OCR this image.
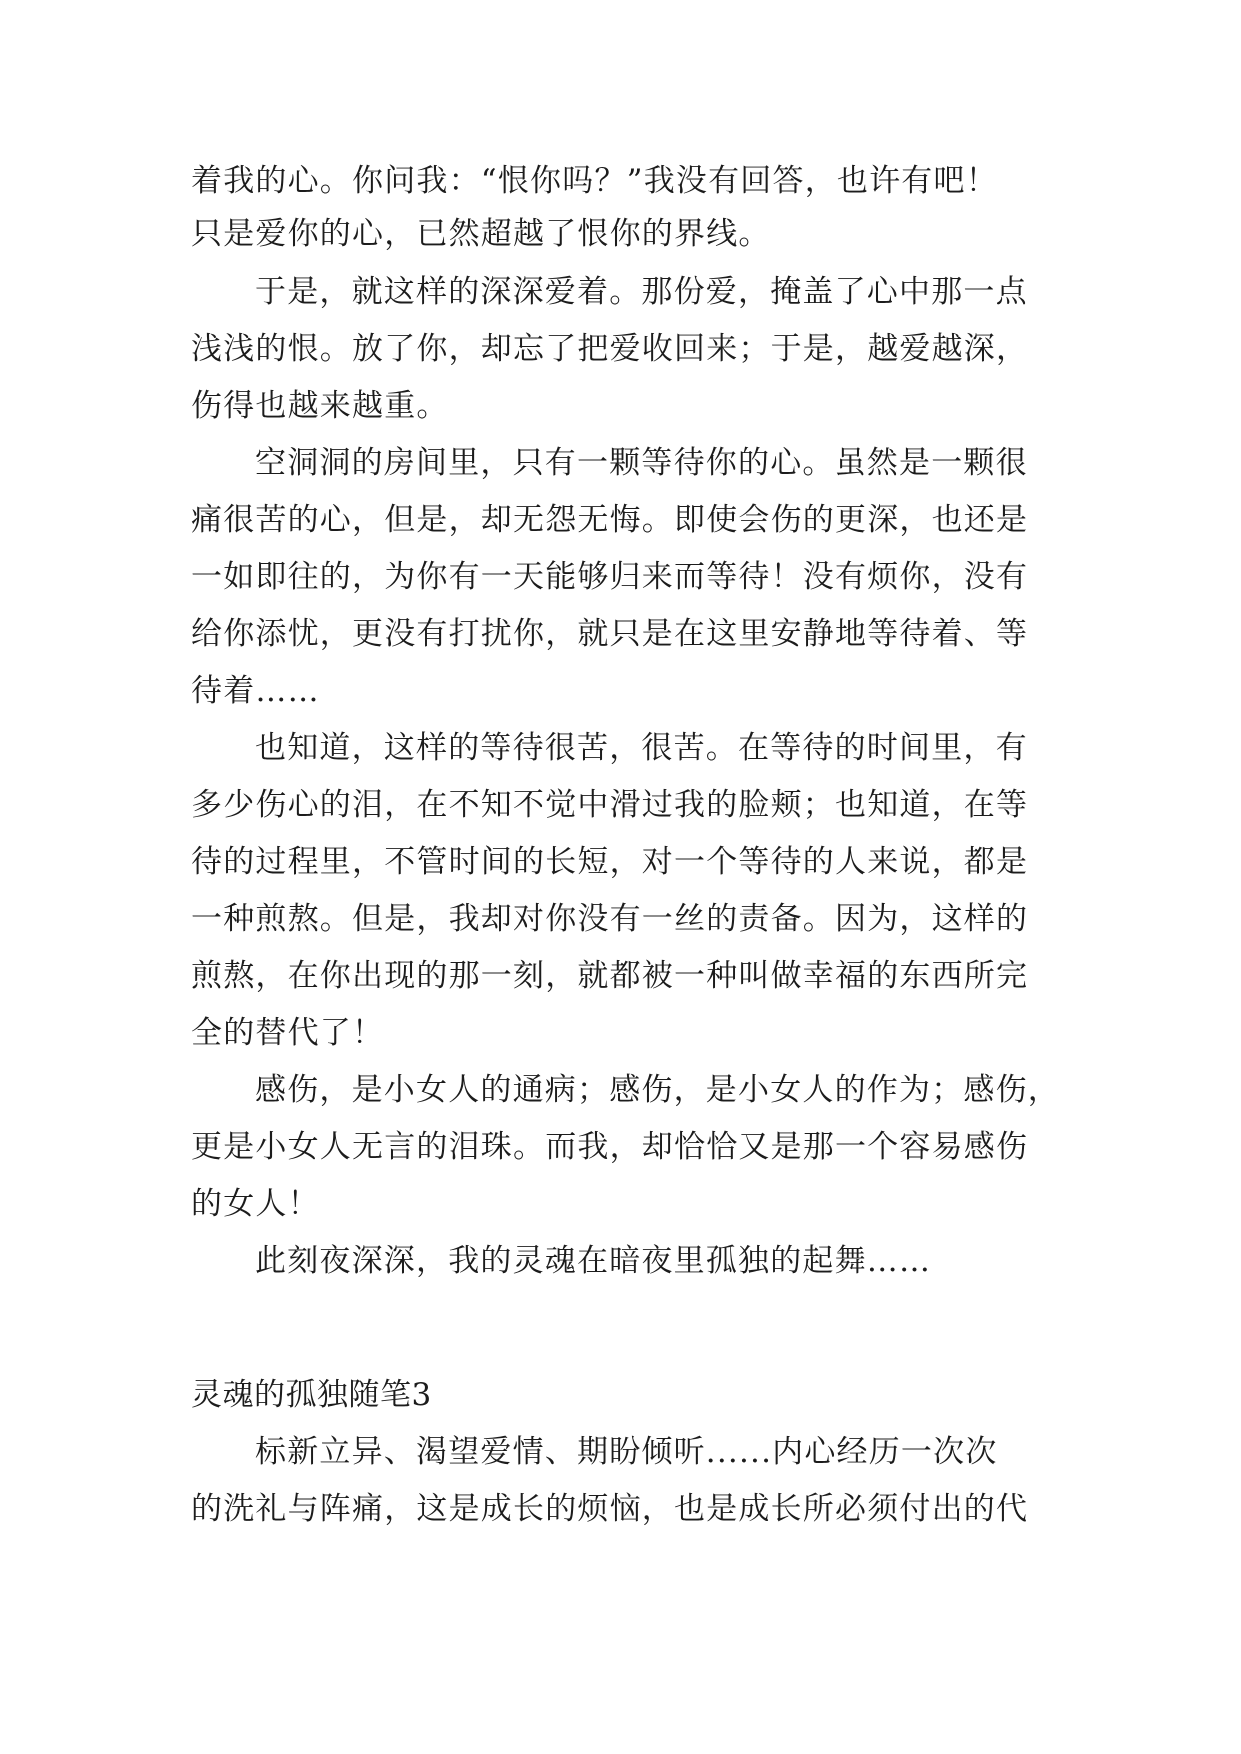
着我的心。你问我：“恨你吗？”我没有回答，也许有吧！
只是爱你的心，已然超越了恨你的界线。
于是，就这样的深深爱着。那份爱，掩盖了心中那一点
浅浅的恨。放了你，却忘了把爱收回来；于是，越爱越深，
伤得也越来越重。
空洞洞的房间里，只有一颗等待你的心。虽然是一颗很
痛很苦的心，但是，却无怨无悔。即使会伤的更深，也还是
一如即往的，为你有一天能够归来而等待！没有烦你，没有
给你添忧，更没有打扰你，就只是在这里安静地等待着、等
待着……
也知道，这样的等待很苦，很苦。在等待的时间里，有
多少伤心的泪，在不知不觉中滑过我的脸颊；也知道，在等
待的过程里，不管时间的长短，对一个等待的人来说，都是
一种煎熬。但是，我却对你没有一丝的责备。因为，这样的
煎熬，在你出现的那一刻，就都被一种叫做幸福的东西所完
全的替代了！
感伤，是小女人的通病；感伤，是小女人的作为；感伤，
更是小女人无言的泪珠。而我，却恰恰又是那一个容易感伤
的女人！
此刻夜深深，我的灵魂在暗夜里孤独的起舞……
灵魂的孤独随笔3
标新立异、渴望爱情、期盼倾听......内心经历一次次
的洗礼与阵痛，这是成长的烦恼，也是成长所必须付出的代
